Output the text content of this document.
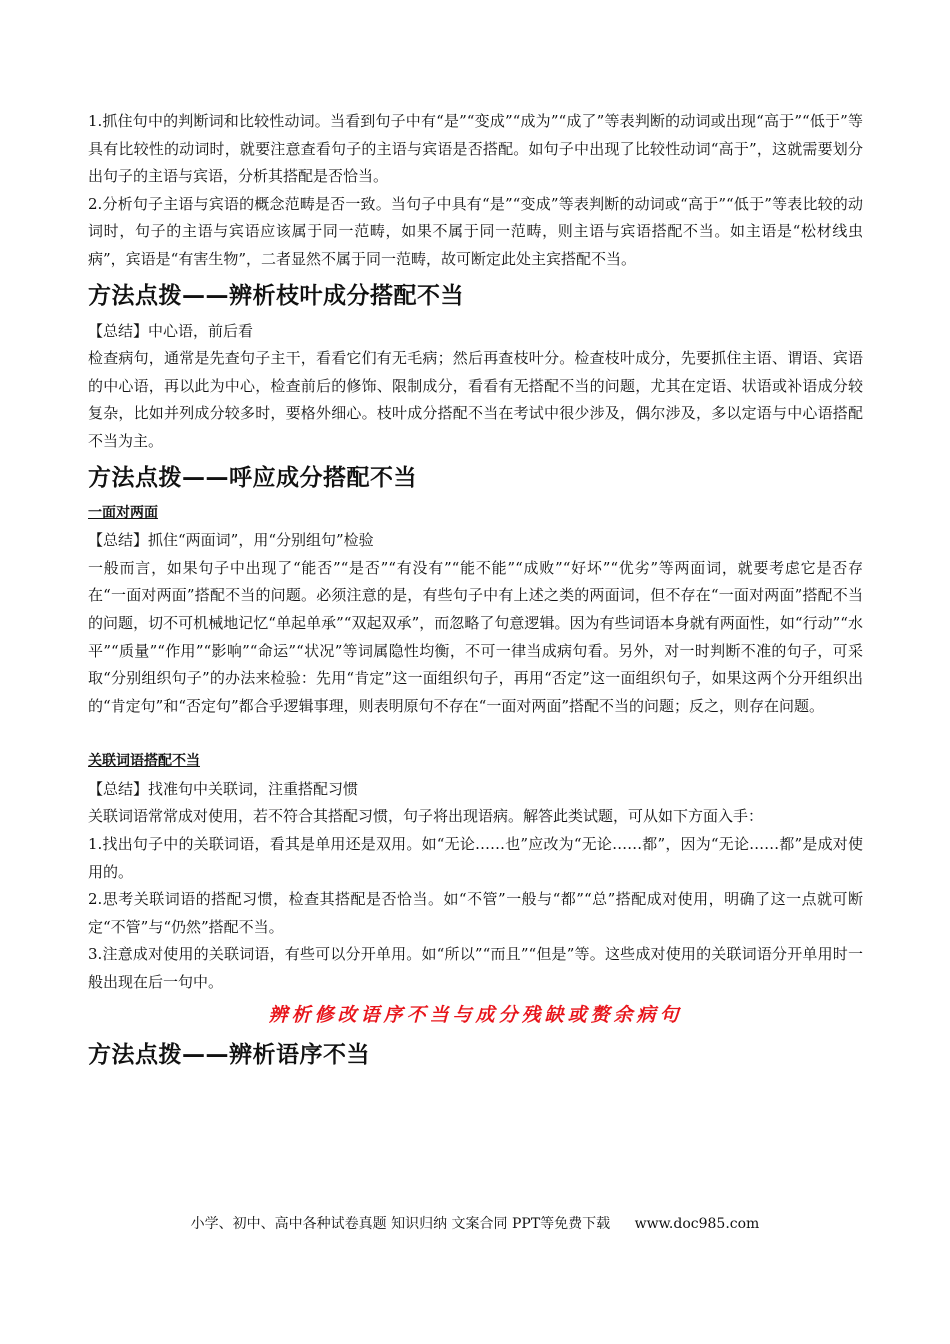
1.抓住句中的判断词和比较性动词。当看到句子中有“是”“变成”“成为”“成了”等表判断的动词或出现“高于”“低于”等具有比较性的动词时，就要注意查看句子的主语与宾语是否搭配。如句子中出现了比较性动词“高于”，这就需要划分出句子的主语与宾语，分析其搭配是否恰当。

2.分析句子主语与宾语的概念范畴是否一致。当句子中具有“是”“变成”等表判断的动词或“高于”“低于”等表比较的动词时，句子的主语与宾语应该属于同一范畴，如果不属于同一范畴，则主语与宾语搭配不当。如主语是“松材线虫病”，宾语是“有害生物”，二者显然不属于同一范畴，故可断定此处主宾搭配不当。

方法点拨——辨析枝叶成分搭配不当

【总结】中心语，前后看

检查病句，通常是先查句子主干，看看它们有无毛病；然后再查枝叶分。检查枝叶成分，先要抓住主语、谓语、宾语的中心语，再以此为中心，检查前后的修饰、限制成分，看看有无搭配不当的问题，尤其在定语、状语或补语成分较复杂，比如并列成分较多时，要格外细心。枝叶成分搭配不当在考试中很少涉及，偶尔涉及，多以定语与中心语搭配不当为主。

方法点拨——呼应成分搭配不当
一面对两面

【总结】抓住“两面词”，用“分别组句”检验

一般而言，如果句子中出现了“能否”“是否”“有没有”“能不能”“成败”“好坏”“优劣”等两面词，就要考虑它是否存在“一面对两面”搭配不当的问题。必须注意的是，有些句子中有上述之类的两面词，但不存在“一面对两面”搭配不当的问题，切不可机械地记忆“单起单承”“双起双承”，而忽略了句意逻辑。因为有些词语本身就有两面性，如“行动”“水平”“质量”“作用”“影响”“命运”“状况”等词属隐性均衡，不可一律当成病句看。另外，对一时判断不准的句子，可采取“分别组织句子”的办法来检验：先用“肯定”这一面组织句子，再用“否定”这一面组织句子，如果这两个分开组织出的“肯定句”和“否定句”都合乎逻辑事理，则表明原句不存在“一面对两面”搭配不当的问题；反之，则存在问题。

关联词语搭配不当

【总结】找准句中关联词，注重搭配习惯

关联词语常常成对使用，若不符合其搭配习惯，句子将出现语病。解答此类试题，可从如下方面入手：

1.找出句子中的关联词语，看其是单用还是双用。如“无论……也”应改为“无论……都”，因为“无论……都”是成对使用的。

2.思考关联词语的搭配习惯，检查其搭配是否恰当。如“不管”一般与“都”“总”搭配成对使用，明确了这一点就可断定“不管”与“仍然”搭配不当。

3.注意成对使用的关联词语，有些可以分开单用。如“所以”“而且”“但是”等。这些成对使用的关联词语分开单用时一般出现在后一句中。

辨析修改语序不当与成分残缺或赘余病句
方法点拨——辨析语序不当
小学、初中、高中各种试卷真题 知识归纳 文案合同 PPT等免费下载 www.doc985.com
